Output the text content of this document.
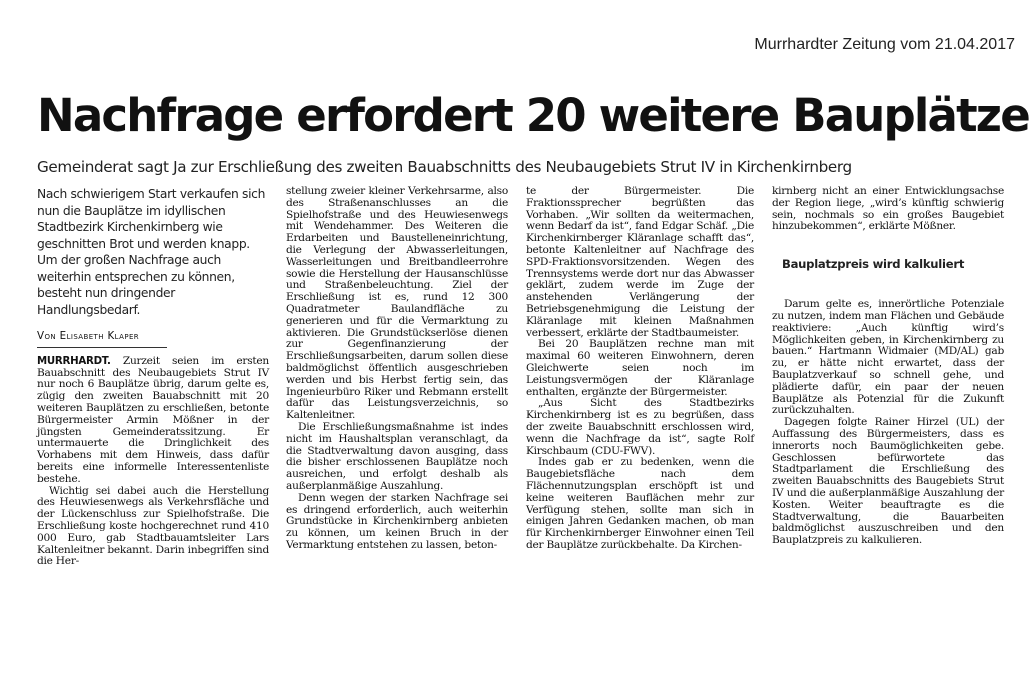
Murrhardter Zeitung vom 21.04.2017
Nachfrage erfordert 20 weitere Bauplätze
Gemeinderat sagt Ja zur Erschließung des zweiten Bauabschnitts des Neubaugebiets Strut IV in Kirchenkirnberg
Nach schwierigem Start verkaufen sich nun die Bauplätze im idyllischen Stadtbezirk Kirchenkirnberg wie geschnitten Brot und werden knapp. Um der großen Nachfrage auch weiterhin entsprechen zu können, besteht nun dringender Handlungsbedarf.
Von Elisabeth Klaper

MURRHARDT. Zurzeit seien im ersten Bauabschnitt des Neubaugebiets Strut IV nur noch 6 Bauplätze übrig, darum gelte es, zügig den zweiten Bauabschnitt mit 20 weiteren Bauplätzen zu erschließen, betonte Bürgermeister Armin Mößner in der jüngsten Gemeinderatssitzung. Er untermauerte die Dringlichkeit des Vorhabens mit dem Hinweis, dass dafür bereits eine informelle Interessentenliste bestehe.

Wichtig sei dabei auch die Herstellung des Heuwiesenwegs als Verkehrsfläche und der Lückenschluss zur Spielhofstraße. Die Erschließung koste hochgerechnet rund 410 000 Euro, gab Stadtbauamtsleiter Lars Kaltenleitner bekannt. Darin inbegriffen sind die Her-

stellung zweier kleiner Verkehrsarme, also des Straßenanschlusses an die Spielhofstraße und des Heuwiesenwegs mit Wendehammer. Des Weiteren die Erdarbeiten und Baustelleneinrichtung, die Verlegung der Abwasserleitungen, Wasserleitungen und Breitbandleerrohre sowie die Herstellung der Hausanschlüsse und Straßenbeleuchtung. Ziel der Erschließung ist es, rund 12 300 Quadratmeter Baulandfläche zu generieren und für die Vermarktung zu aktivieren. Die Grundstückserlöse dienen zur Gegenfinanzierung der Erschließungsarbeiten, darum sollen diese baldmöglichst öffentlich ausgeschrieben werden und bis Herbst fertig sein, das Ingenieurbüro Riker und Rebmann erstellt dafür das Leistungsverzeichnis, so Kaltenleitner.

Die Erschließungsmaßnahme ist indes nicht im Haushaltsplan veranschlagt, da die Stadtverwaltung davon ausging, dass die bisher erschlossenen Bauplätze noch ausreichen, und erfolgt deshalb als außerplanmäßige Auszahlung.

Denn wegen der starken Nachfrage sei es dringend erforderlich, auch weiterhin Grundstücke in Kirchenkirnberg anbieten zu können, um keinen Bruch in der Vermarktung entstehen zu lassen, beton-

te der Bürgermeister. Die Fraktionssprecher begrüßten das Vorhaben. „Wir sollten da weitermachen, wenn Bedarf da ist“, fand Edgar Schäf. „Die Kirchenkirnberger Kläranlage schafft das“, betonte Kaltenleitner auf Nachfrage des SPD-Fraktionsvorsitzenden. Wegen des Trennsystems werde dort nur das Abwasser geklärt, zudem werde im Zuge der anstehenden Verlängerung der Betriebsgenehmigung die Leistung der Kläranlage mit kleinen Maßnahmen verbessert, erklärte der Stadtbaumeister.

Bei 20 Bauplätzen rechne man mit maximal 60 weiteren Einwohnern, deren Gleichwerte seien noch im Leistungsvermögen der Kläranlage enthalten, ergänzte der Bürgermeister.

„Aus Sicht des Stadtbezirks Kirchenkirnberg ist es zu begrüßen, dass der zweite Bauabschnitt erschlossen wird, wenn die Nachfrage da ist“, sagte Rolf Kirschbaum (CDU-FWV).

Indes gab er zu bedenken, wenn die Baugebietsfläche nach dem Flächennutzungsplan erschöpft ist und keine weiteren Bauflächen mehr zur Verfügung stehen, sollte man sich in einigen Jahren Gedanken machen, ob man für Kirchenkirnberger Einwohner einen Teil der Bauplätze zurückbehalte. Da Kirchen-

kirnberg nicht an einer Entwicklungsachse der Region liege, „wird’s künftig schwierig sein, nochmals so ein großes Baugebiet hinzubekommen“, erklärte Mößner.

Bauplatzpreis wird kalkuliert

Darum gelte es, innerörtliche Potenziale zu nutzen, indem man Flächen und Gebäude reaktiviere: „Auch künftig wird’s Möglichkeiten geben, in Kirchenkirnberg zu bauen.“ Hartmann Widmaier (MD/AL) gab zu, er hätte nicht erwartet, dass der Bauplatzverkauf so schnell gehe, und plädierte dafür, ein paar der neuen Bauplätze als Potenzial für die Zukunft zurückzuhalten.

Dagegen folgte Rainer Hirzel (UL) der Auffassung des Bürgermeisters, dass es innerorts noch Baumöglichkeiten gebe. Geschlossen befürwortete das Stadtparlament die Erschließung des zweiten Bauabschnitts des Baugebiets Strut IV und die außerplanmäßige Auszahlung der Kosten. Weiter beauftragte es die Stadtverwaltung, die Bauarbeiten baldmöglichst auszuschreiben und den Bauplatzpreis zu kalkulieren.
